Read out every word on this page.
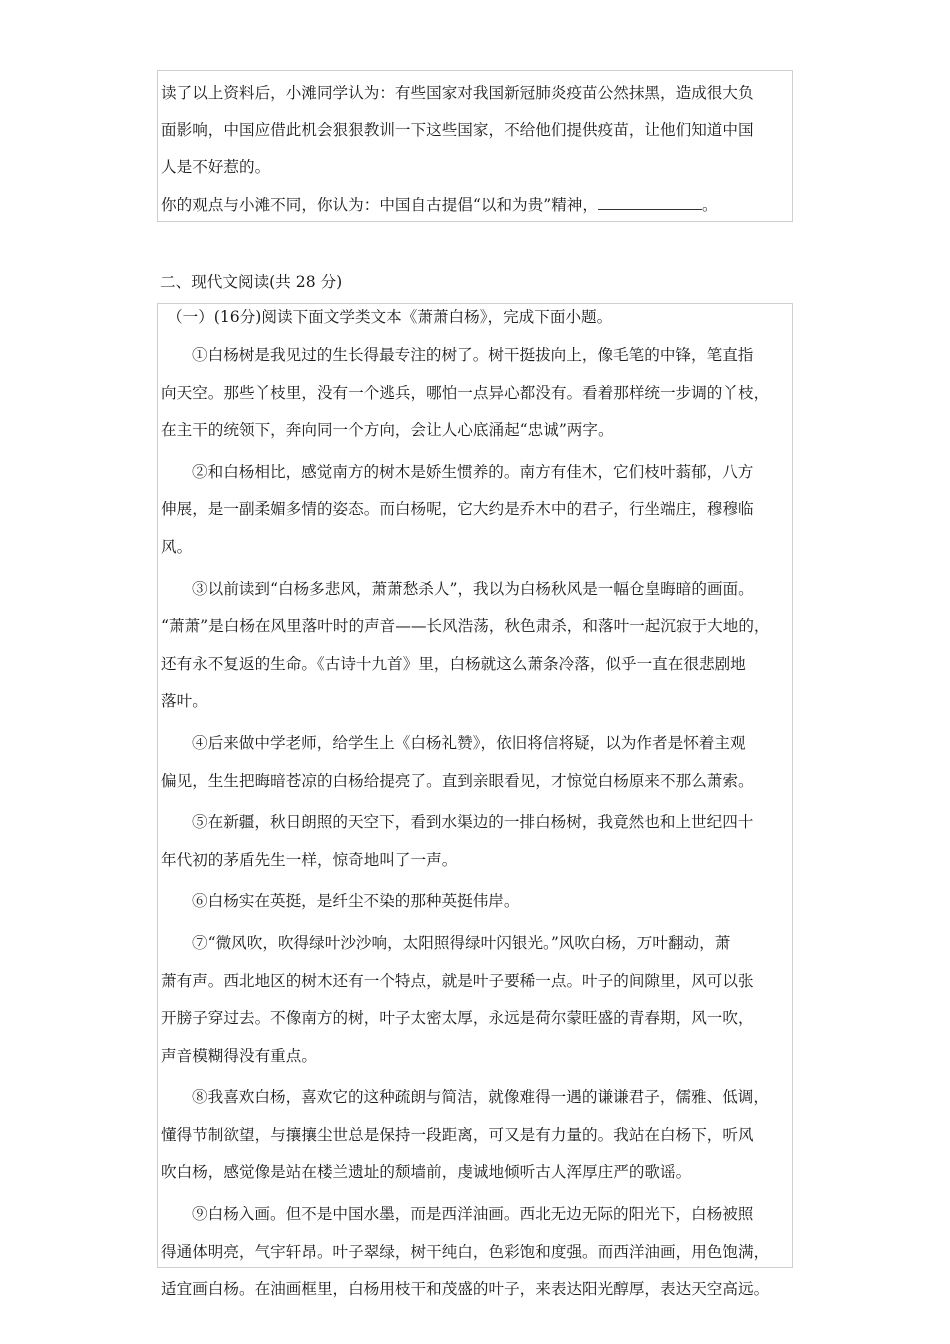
读了以上资料后，小滩同学认为：有些国家对我国新冠肺炎疫苗公然抹黑，造成很大负
面影响，中国应借此机会狠狠教训一下这些国家，不给他们提供疫苗，让他们知道中国
人是不好惹的。
你的观点与小滩不同，你认为：中国自古提倡“以和为贵”精神，	。
二、现代文阅读(共 28 分)
（一）(16分)阅读下面文学类文本《萧萧白杨》，完成下面小题。
①白杨树是我见过的生长得最专注的树了。树干挺拔向上，像毛笔的中锋，笔直指
向天空。那些丫枝里，没有一个逃兵，哪怕一点异心都没有。看着那样统一步调的丫枝，
在主干的统领下，奔向同一个方向，会让人心底涌起“忠诚”两字。
②和白杨相比，感觉南方的树木是娇生惯养的。南方有佳木，它们枝叶蓊郁，八方
伸展，是一副柔媚多情的姿态。而白杨呢，它大约是乔木中的君子，行坐端庄，穆穆临
风。
③以前读到“白杨多悲风，萧萧愁杀人”，我以为白杨秋风是一幅仓皇晦暗的画面。
“萧萧”是白杨在风里落叶时的声音——长风浩荡，秋色肃杀，和落叶一起沉寂于大地的，
还有永不复返的生命。《古诗十九首》里，白杨就这么萧条冷落，似乎一直在很悲剧地
落叶。
④后来做中学老师，给学生上《白杨礼赞》，依旧将信将疑，以为作者是怀着主观
偏见，生生把晦暗苍凉的白杨给提亮了。直到亲眼看见，才惊觉白杨原来不那么萧索。
⑤在新疆，秋日朗照的天空下，看到水渠边的一排白杨树，我竟然也和上世纪四十
年代初的茅盾先生一样，惊奇地叫了一声。
⑥白杨实在英挺，是纤尘不染的那种英挺伟岸。
⑦“微风吹，吹得绿叶沙沙响，太阳照得绿叶闪银光。”风吹白杨，万叶翻动，萧
萧有声。西北地区的树木还有一个特点，就是叶子要稀一点。叶子的间隙里，风可以张
开膀子穿过去。不像南方的树，叶子太密太厚，永远是荷尔蒙旺盛的青春期，风一吹，
声音模糊得没有重点。
⑧我喜欢白杨，喜欢它的这种疏朗与简洁，就像难得一遇的谦谦君子，儒雅、低调，
懂得节制欲望，与攘攘尘世总是保持一段距离，可又是有力量的。我站在白杨下，听风
吹白杨，感觉像是站在楼兰遗址的颓墙前，虔诚地倾听古人浑厚庄严的歌谣。
⑨白杨入画。但不是中国水墨，而是西洋油画。西北无边无际的阳光下，白杨被照
得通体明亮，气宇轩昂。叶子翠绿，树干纯白，色彩饱和度强。而西洋油画，用色饱满，
适宜画白杨。在油画框里，白杨用枝干和茂盛的叶子，来表达阳光醇厚，表达天空高远。
